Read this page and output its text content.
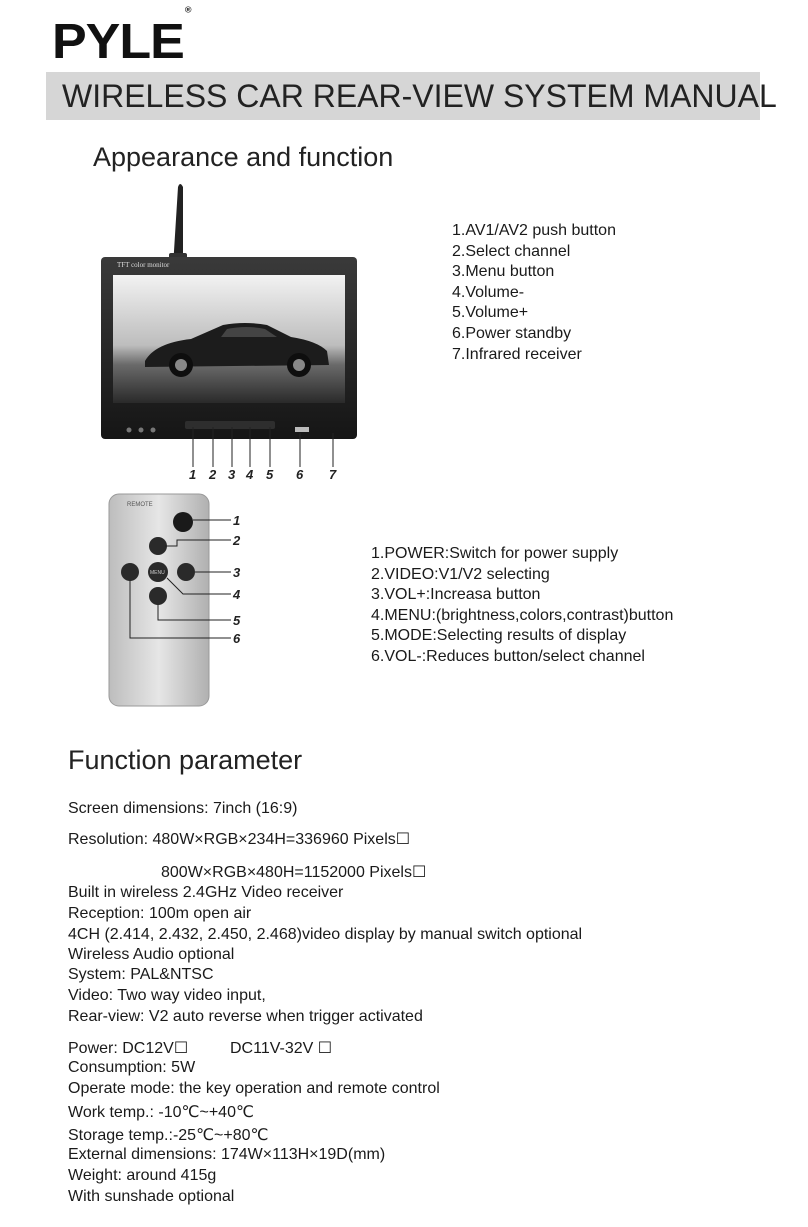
PYLE®
WIRELESS CAR REAR-VIEW SYSTEM MANUAL
Appearance and function
TFT color monitor
1 2 3 4 5 6 7
1.AV1/AV2 push button
2.Select channel
3.Menu button
4.Volume-
5.Volume+
6.Power standby
7.Infrared receiver
REMOTE
MENU
1
2
3
4
5
6
1.POWER:Switch for power supply
2.VIDEO:V1/V2 selecting
3.VOL+:Increasa button
4.MENU:(brightness,colors,contrast)button
5.MODE:Selecting results of display
6.VOL-:Reduces button/select channel
Function parameter
Screen dimensions: 7inch (16:9)
Resolution: 480W×RGB×234H=336960 Pixels☐
800W×RGB×480H=1152000 Pixels☐
Built in wireless 2.4GHz Video receiver
Reception: 100m open air
4CH (2.414, 2.432, 2.450, 2.468)video display by manual switch optional
Wireless Audio optional
System: PAL&NTSC
Video: Two way video input,
Rear-view: V2 auto reverse when trigger activated
Power: DC12V☐	DC11V-32V ☐
Consumption: 5W
Operate mode: the key operation and remote control
Work temp.: -10℃~+40℃
Storage temp.:-25℃~+80℃
External dimensions: 174W×113H×19D(mm)
Weight: around 415g
With sunshade optional
